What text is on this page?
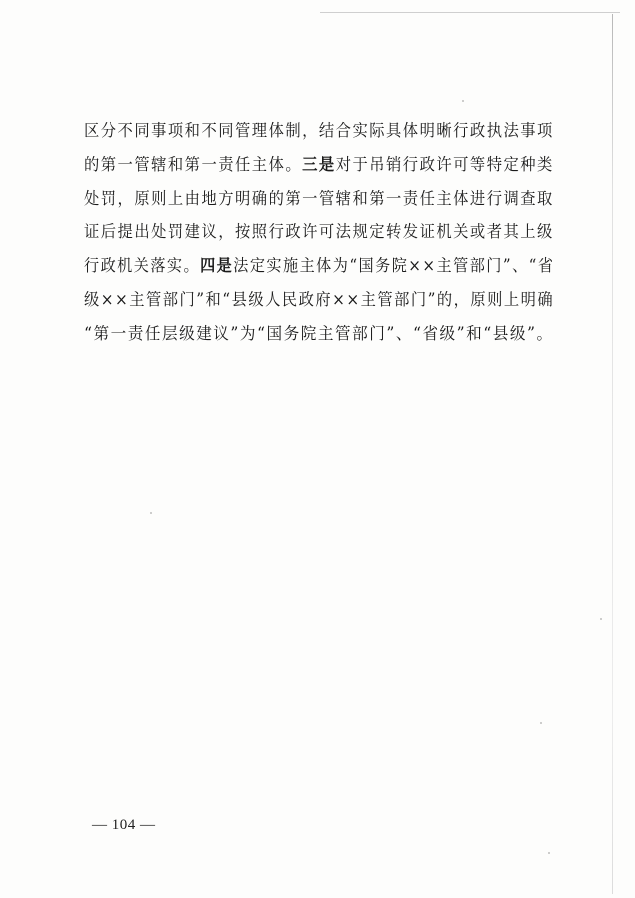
区分不同事项和不同管理体制，结合实际具体明晰行政执法事项
的第一管辖和第一责任主体。三是对于吊销行政许可等特定种类
处罚，原则上由地方明确的第一管辖和第一责任主体进行调查取
证后提出处罚建议，按照行政许可法规定转发证机关或者其上级
行政机关落实。四是法定实施主体为“国务院××主管部门”、“省
级××主管部门”和“县级人民政府××主管部门”的，原则上明确
“第一责任层级建议”为“国务院主管部门”、“省级”和“县级”。
— 104 —
